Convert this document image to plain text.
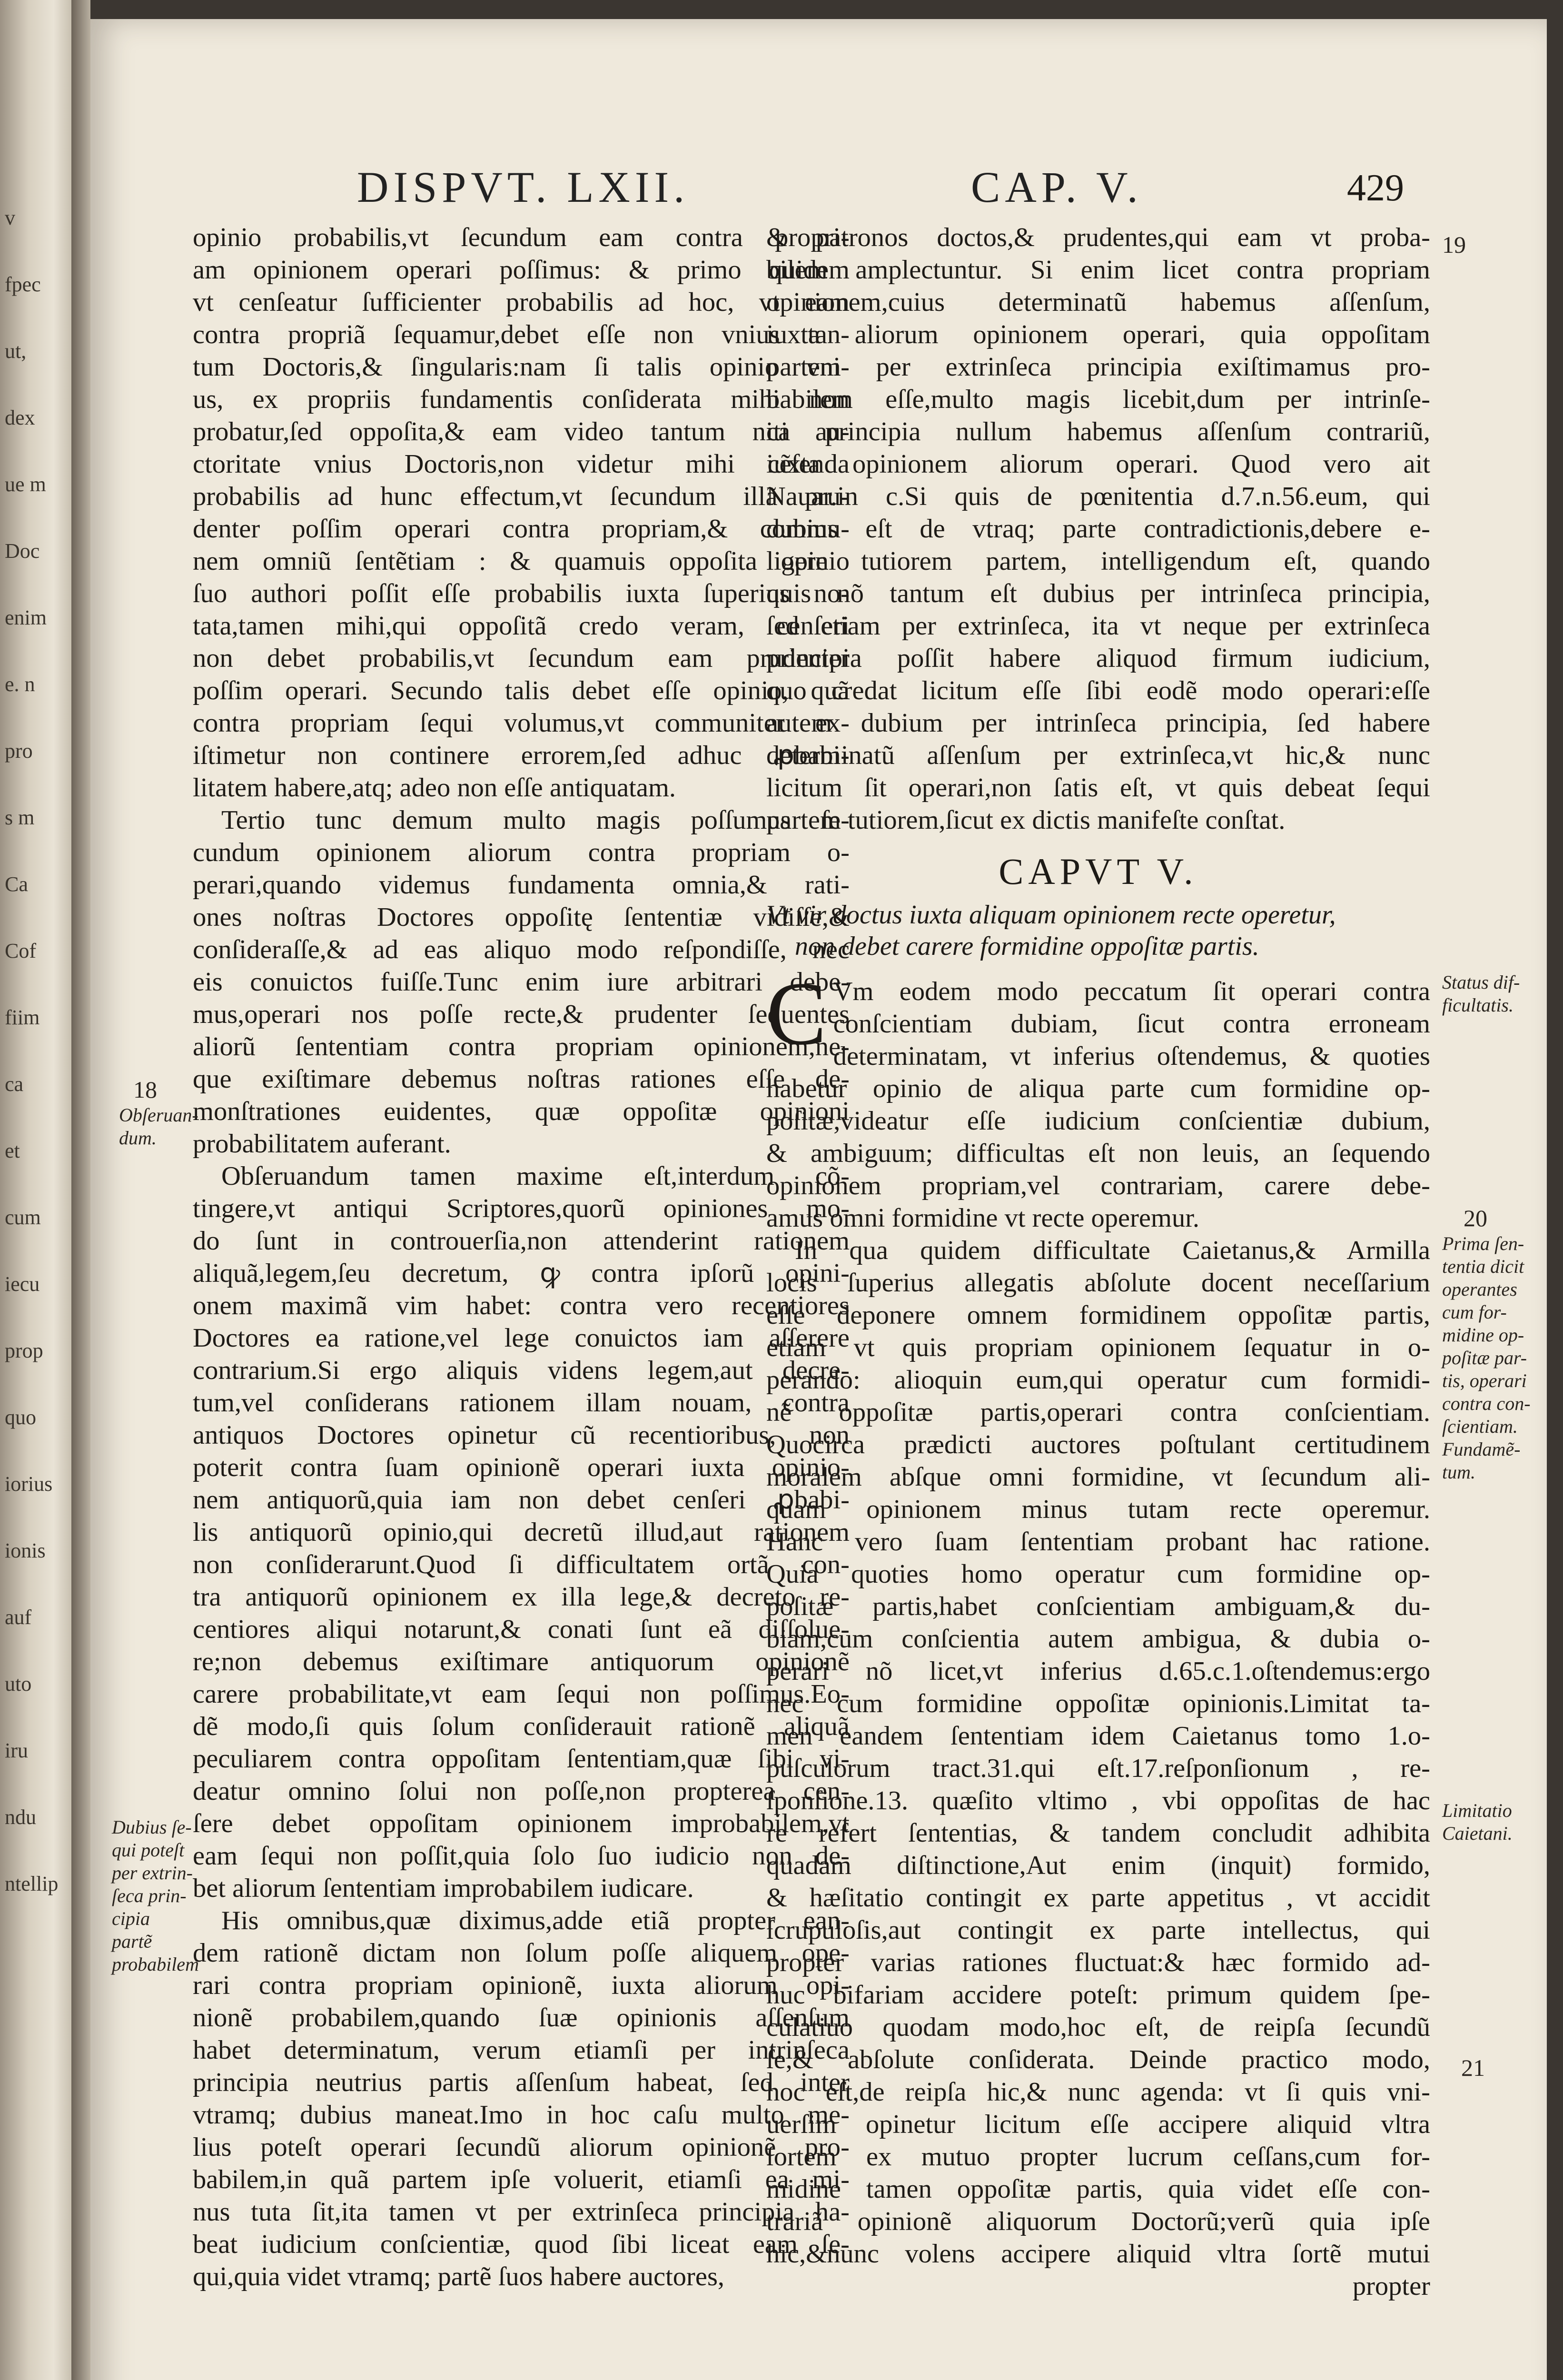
v
fpec
ut,
dex
ue m
Doc
enim
e. n
pro
s m
Ca
Cof
fiim
ca
et
cum
iecu
prop
quo
iorius
ionis
auf
uto
iru
ndu
ntellip
DISPVT. LXII.	CAP. V.	429
opinio probabilis,vt ſecundum eam contra propri-
am opinionem operari poſſimus: & primo quidem
vt cenſeatur ſufficienter probabilis ad hoc, vt eam
contra propriã ſequamur,debet eſſe non vnius tan-
tum Doctoris,& ſingularis:nam ſi talis opinio vni-
us, ex propriis fundamentis conſiderata mihi non
probatur,ſed oppoſita,& eam video tantum niti au-
ctoritate vnius Doctoris,non videtur mihi cẽſenda
probabilis ad hunc effectum,vt ſecundum illã pru-
denter poſſim operari contra propriam,& commu-
nem omniũ ſentẽtiam : & quamuis oppoſita opinio
ſuo authori poſſit eſſe probabilis iuxta ſuperius no-
tata,tamen mihi,qui oppoſitã credo veram, cenſeri
non debet probabilis,vt ſecundum eam prudenter
poſſim operari. Secundo talis debet eſſe opinio, quã
contra propriam ſequi volumus,vt communiter ex-
iſtimetur non continere errorem,ſed adhuc ꝓbabi-
litatem habere,atq; adeo non eſſe antiquatam.
Tertio tunc demum multo magis poſſumus ſe-
cundum opinionem aliorum contra propriam o-
perari,quando videmus fundamenta omnia,& rati-
ones noſtras Doctores oppoſitę ſententiæ vidiſſe,&
conſideraſſe,& ad eas aliquo modo reſpondiſſe, nec
eis conuictos fuiſſe.Tunc enim iure arbitrari debe-
mus,operari nos poſſe recte,& prudenter ſequentes
aliorũ ſententiam contra propriam opinionem,ne-
que exiſtimare debemus noſtras rationes eſſe de-
monſtrationes euidentes, quæ oppoſitæ opinioni
probabilitatem auferant.
Obſeruandum tamen maxime eſt,interdum cõ-
tingere,vt antiqui Scriptores,quorũ opiniones mo-
do ſunt in controuerſia,non attenderint rationem
aliquã,legem,ſeu decretum, ꝙ contra ipſorũ opini-
onem maximã vim habet: contra vero recentiores
Doctores ea ratione,vel lege conuictos iam aſſerere
contrarium.Si ergo aliquis videns legem,aut decre-
tum,vel conſiderans rationem illam nouam, contra
antiquos Doctores opinetur cũ recentioribus, non
poterit contra ſuam opinionẽ operari iuxta opinio-
nem antiquorũ,quia iam non debet cenſeri ꝓbabi-
lis antiquorũ opinio,qui decretũ illud,aut rationem
non conſiderarunt.Quod ſi difficultatem ortã con-
tra antiquorũ opinionem ex illa lege,& decreto re-
centiores aliqui notarunt,& conati ſunt eã diſſolue-
re;non debemus exiſtimare antiquorum opinionẽ
carere probabilitate,vt eam ſequi non poſſimus.Eo-
dẽ modo,ſi quis ſolum conſiderauit rationẽ aliquã
peculiarem contra oppoſitam ſententiam,quæ ſibi vi-
deatur omnino ſolui non poſſe,non propterea cen-
ſere debet oppoſitam opinionem improbabilem,vt
eam ſequi non poſſit,quia ſolo ſuo iudicio non de-
bet aliorum ſententiam improbabilem iudicare.
His omnibus,quæ diximus,adde etiã propter ean-
dem rationẽ dictam non ſolum poſſe aliquem ope-
rari contra propriam opinionẽ, iuxta aliorum opi-
nionẽ probabilem,quando ſuæ opinionis aſſenſum
habet determinatum, verum etiamſi per intrinſeca
principia neutrius partis aſſenſum habeat, ſed inter
vtramq; dubius maneat.Imo in hoc caſu multo me-
lius poteſt operari ſecundũ aliorum opinionẽ pro-
babilem,in quã partem ipſe voluerit, etiamſi ea mi-
nus tuta ſit,ita tamen vt per extrinſeca principia ha-
beat iudicium conſcientiæ, quod ſibi liceat eam ſe-
qui,quia videt vtramq; partẽ ſuos habere auctores,
& patronos doctos,& prudentes,qui eam vt proba-
bilem amplectuntur. Si enim licet contra propriam
opinionem,cuius determinatũ habemus aſſenſum,
iuxta aliorum opinionem operari, quia oppoſitam
partem per extrinſeca principia exiſtimamus pro-
babilem eſſe,multo magis licebit,dum per intrinſe-
ca principia nullum habemus aſſenſum contrariũ,
iuxta opinionem aliorum operari. Quod vero ait
Nauar.in c.Si quis de pœnitentia d.7.n.56.eum, qui
dubius eſt de vtraq; parte contradictionis,debere e-
ligere tutiorem partem, intelligendum eſt, quando
quis nõ tantum eſt dubius per intrinſeca principia,
ſed etiam per extrinſeca, ita vt neque per extrinſeca
principia poſſit habere aliquod firmum iudicium,
quo credat licitum eſſe ſibi eodẽ modo operari:eſſe
autem dubium per intrinſeca principia, ſed habere
determinatũ aſſenſum per extrinſeca,vt hic,& nunc
licitum ſit operari,non ſatis eſt, vt quis debeat ſequi
partem tutiorem,ſicut ex dictis manifeſte conſtat.
CAPVT V.
Vt vir doctus iuxta aliquam opinionem recte operetur,
non debet carere formidine oppoſitæ partis.
C Vm eodem modo peccatum ſit operari contra
conſcientiam dubiam, ſicut contra erroneam
determinatam, vt inferius oſtendemus, & quoties
habetur opinio de aliqua parte cum formidine op-
poſitæ,videatur eſſe iudicium conſcientiæ dubium,
& ambiguum; difficultas eſt non leuis, an ſequendo
opinionem propriam,vel contrariam, carere debe-
amus omni formidine vt recte operemur.
In qua quidem difficultate Caietanus,& Armilla
locis ſuperius allegatis abſolute docent neceſſarium
eſſe deponere omnem formidinem oppoſitæ partis,
etiam vt quis propriam opinionem ſequatur in o-
perando: alioquin eum,qui operatur cum formidi-
nẽ oppoſitæ partis,operari contra conſcientiam.
Quocirca prædicti auctores poſtulant certitudinem
moralem abſque omni formidine, vt ſecundum ali-
quam opinionem minus tutam recte operemur.
Hanc vero ſuam ſententiam probant hac ratione.
Quia quoties homo operatur cum formidine op-
poſitæ partis,habet conſcientiam ambiguam,& du-
biam,cum conſcientia autem ambigua, & dubia o-
perari nõ licet,vt inferius d.65.c.1.oſtendemus:ergo
nec cum formidine oppoſitæ opinionis.Limitat ta-
men eandem ſententiam idem Caietanus tomo 1.o-
puſculorum tract.31.qui eſt.17.reſponſionum , re-
ſponſione.13. quæſito vltimo , vbi oppoſitas de hac
re refert ſententias, & tandem concludit adhibita
quadam diſtinctione,Aut enim (inquit) formido,
& hæſitatio contingit ex parte appetitus , vt accidit
ſcrupuloſis,aut contingit ex parte intellectus, qui
propter varias rationes fluctuat:& hæc formido ad-
huc bifariam accidere poteſt: primum quidem ſpe-
culatiuo quodam modo,hoc eſt, de reipſa ſecundũ
ſe,& abſolute conſiderata. Deinde practico modo,
hoc eſt,de reipſa hic,& nunc agenda: vt ſi quis vni-
uerſim opinetur licitum eſſe accipere aliquid vltra
ſortem ex mutuo propter lucrum ceſſans,cum for-
midine tamen oppoſitæ partis, quia videt eſſe con-
trariã opinionẽ aliquorum Doctorũ;verũ quia ipſe
hic,&nunc volens accipere aliquid vltra ſortẽ mutui
propter
18
Obſeruan-
dum.
Dubius ſe-
qui poteſt
per extrin-
ſeca prin-
cipia partẽ
probabilem
19
Status dif-
ficultatis.
20
Prima ſen-
tentia dicit
operantes
cum for-
midine op-
poſitæ par-
tis, operari
contra con-
ſcientiam.
Fundamẽ-
tum.
Limitatio
Caietani.
21
